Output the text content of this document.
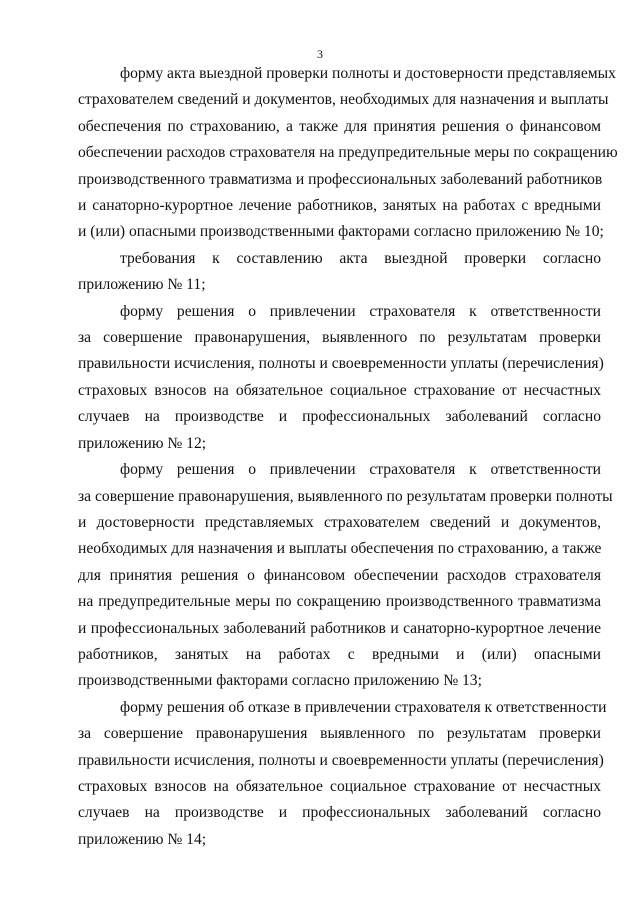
3

форму акта выездной проверки полноты и достоверности представляемых
страхователем сведений и документов, необходимых для назначения и выплаты
обеспечения по страхованию, а также для принятия решения о финансовом
обеспечении расходов страхователя на предупредительные меры по сокращению
производственного травматизма и профессиональных заболеваний работников
и санаторно-курортное лечение работников, занятых на работах с вредными
и (или) опасными производственными факторами согласно приложению № 10;

требования к составлению акта выездной проверки согласно
приложению № 11;

форму решения о привлечении страхователя к ответственности
за совершение правонарушения, выявленного по результатам проверки
правильности исчисления, полноты и своевременности уплаты (перечисления)
страховых взносов на обязательное социальное страхование от несчастных
случаев на производстве и профессиональных заболеваний согласно
приложению № 12;

форму решения о привлечении страхователя к ответственности
за совершение правонарушения, выявленного по результатам проверки полноты
и достоверности представляемых страхователем сведений и документов,
необходимых для назначения и выплаты обеспечения по страхованию, а также
для принятия решения о финансовом обеспечении расходов страхователя
на предупредительные меры по сокращению производственного травматизма
и профессиональных заболеваний работников и санаторно-курортное лечение
работников, занятых на работах с вредными и (или) опасными
производственными факторами согласно приложению № 13;

форму решения об отказе в привлечении страхователя к ответственности
за совершение правонарушения выявленного по результатам проверки
правильности исчисления, полноты и своевременности уплаты (перечисления)
страховых взносов на обязательное социальное страхование от несчастных
случаев на производстве и профессиональных заболеваний согласно
приложению № 14;
